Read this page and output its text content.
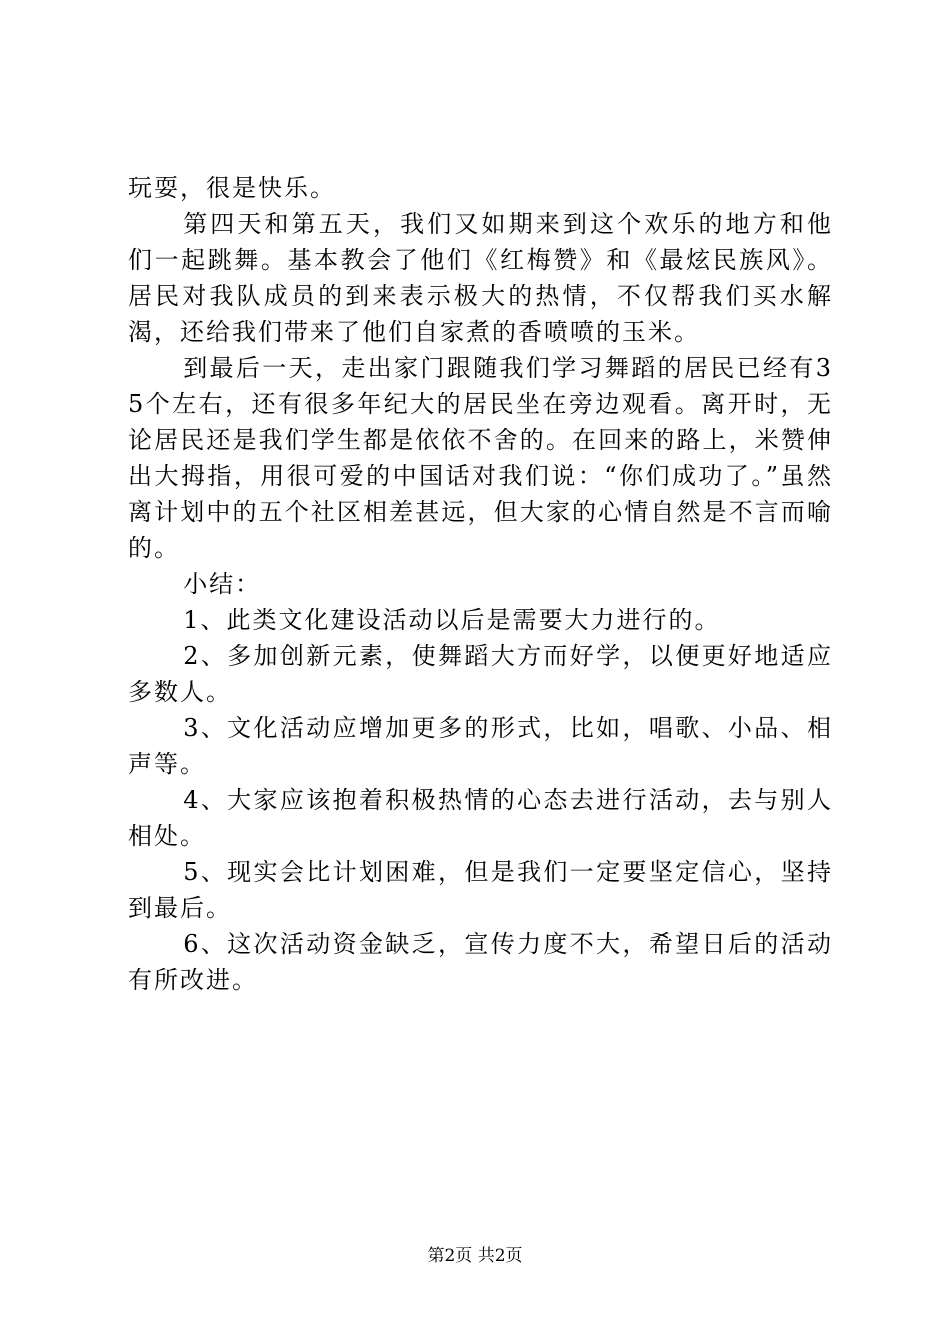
玩耍，很是快乐。

第四天和第五天，我们又如期来到这个欢乐的地方和他们一起跳舞。基本教会了他们《红梅赞》和《最炫民族风》。居民对我队成员的到来表示极大的热情，不仅帮我们买水解渴，还给我们带来了他们自家煮的香喷喷的玉米。

到最后一天，走出家门跟随我们学习舞蹈的居民已经有35个左右，还有很多年纪大的居民坐在旁边观看。离开时，无论居民还是我们学生都是依依不舍的。在回来的路上，米赞伸出大拇指，用很可爱的中国话对我们说：“你们成功了。”虽然离计划中的五个社区相差甚远，但大家的心情自然是不言而喻的。

小结：

1、此类文化建设活动以后是需要大力进行的。

2、多加创新元素，使舞蹈大方而好学，以便更好地适应多数人。

3、文化活动应增加更多的形式，比如，唱歌、小品、相声等。

4、大家应该抱着积极热情的心态去进行活动，去与别人相处。

5、现实会比计划困难，但是我们一定要坚定信心，坚持到最后。

6、这次活动资金缺乏，宣传力度不大，希望日后的活动有所改进。

第2页 共2页
